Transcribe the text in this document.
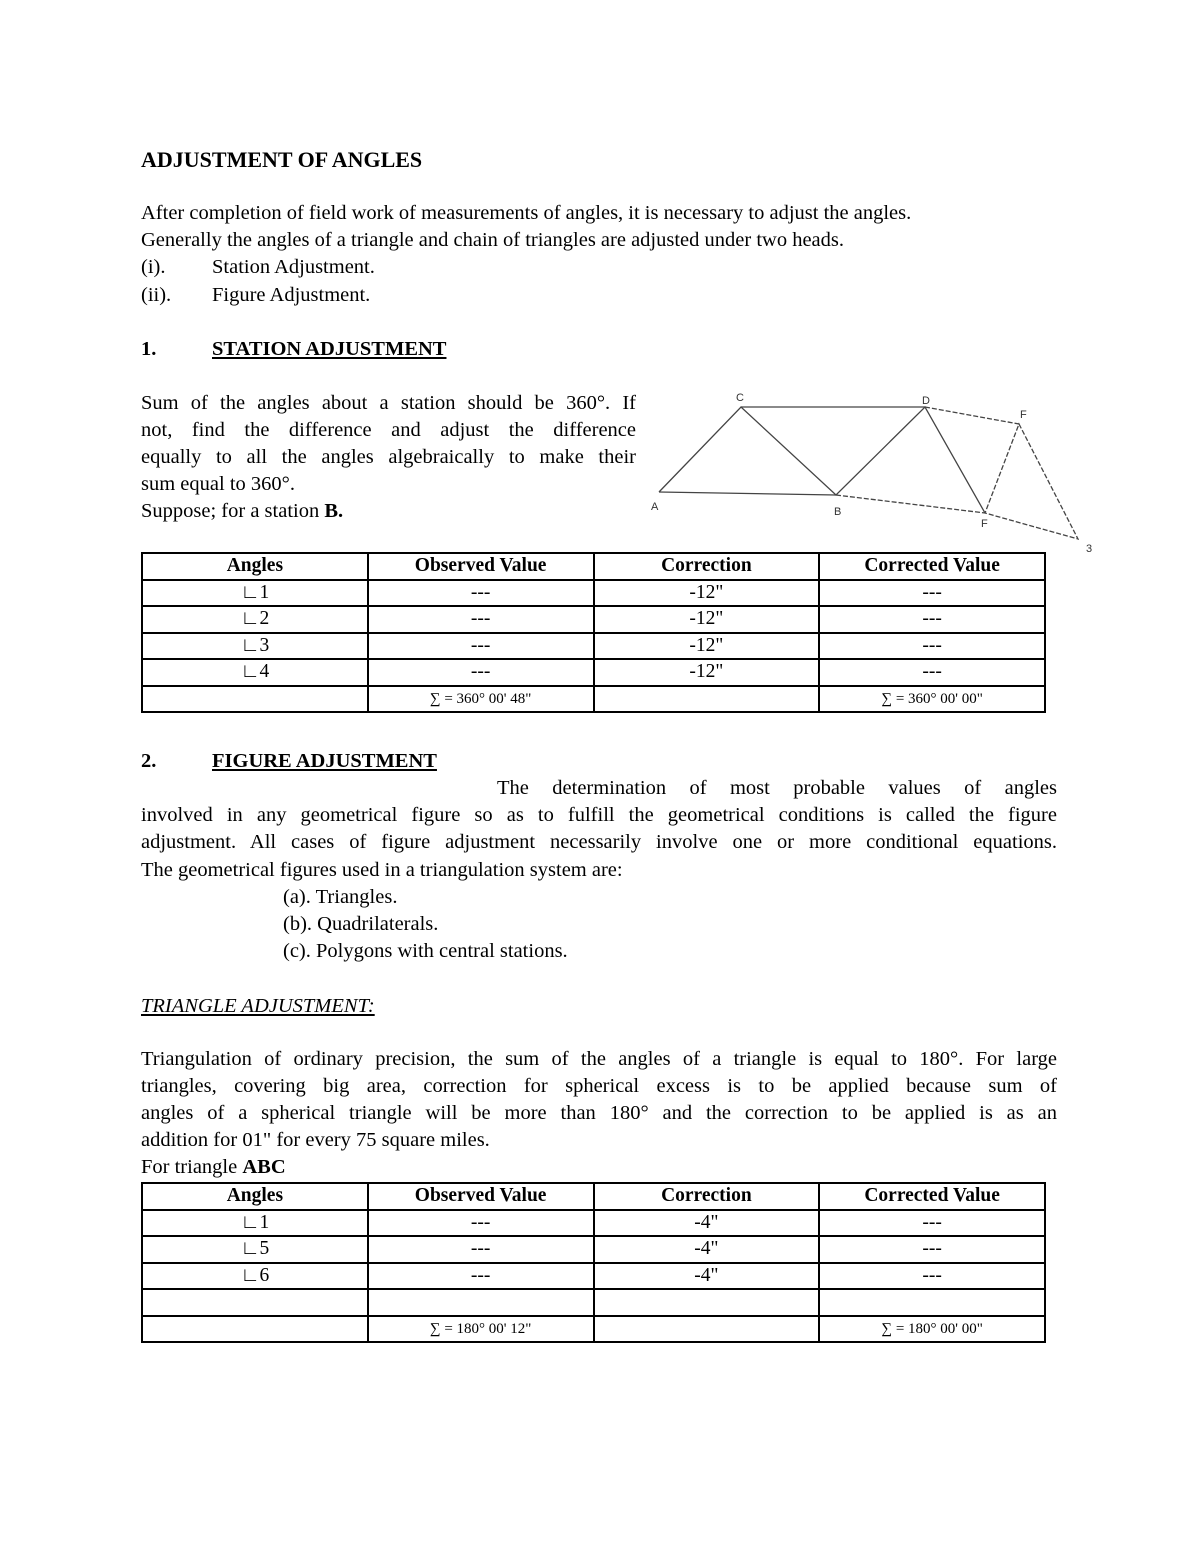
ADJUSTMENT OF ANGLES
After completion of field work of measurements of angles, it is necessary to adjust the angles.
Generally the angles of a triangle and chain of triangles are adjusted under two heads.
(i). Station Adjustment.
(ii). Figure Adjustment.
1.	STATION ADJUSTMENT
Sum of the angles about a station should be 360°. If
not, find the difference and adjust the difference
equally to all the angles algebraically to make their
sum equal to 360°.
Suppose; for a station B.
C	D
F
A	B
F
3
Angles	Observed Value	Correction	Corrected Value
∟1	---	-12"	---
∟2	---	-12"	---
∟3	---	-12"	---
∟4	---	-12"	---
	∑ = 360° 00' 48"		∑ = 360° 00' 00"
2.	FIGURE ADJUSTMENT
The determination of most probable values of angles
involved in any geometrical figure so as to fulfill the geometrical conditions is called the figure
adjustment. All cases of figure adjustment necessarily involve one or more conditional equations.
The geometrical figures used in a triangulation system are:
(a). Triangles.
(b). Quadrilaterals.
(c). Polygons with central stations.
TRIANGLE ADJUSTMENT:
Triangulation of ordinary precision, the sum of the angles of a triangle is equal to 180°. For large
triangles, covering big area, correction for spherical excess is to be applied because sum of
angles of a spherical triangle will be more than 180° and the correction to be applied is as an
addition for 01" for every 75 square miles.
For triangle ABC
Angles	Observed Value	Correction	Corrected Value
∟1	---	-4"	---
∟5	---	-4"	---
∟6	---	-4"	---

	∑ = 180° 00' 12"		∑ = 180° 00' 00"
